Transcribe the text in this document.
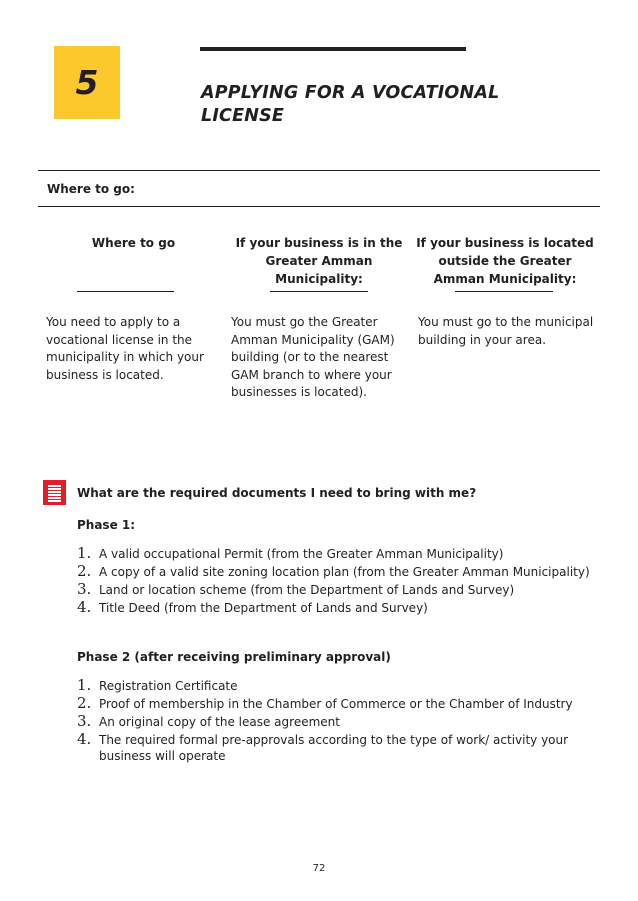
5	APPLYING FOR A VOCATIONAL LICENSE
Where to go:
Where to go
You need to apply to a vocational license in the municipality in which your business is located.
If your business is in the Greater Amman Municipality:
You must go the Greater Amman Municipality (GAM) building (or to the nearest GAM branch to where your businesses is located).
If your business is located outside the Greater Amman Municipality:
You must go to the municipal building in your area.
What are the required documents I need to bring with me?
Phase 1:
1. A valid occupational Permit (from the Greater Amman Municipality)
2. A copy of a valid site zoning location plan (from the Greater Amman Municipality)
3. Land or location scheme (from the Department of Lands and Survey)
4. Title Deed (from the Department of Lands and Survey)
Phase 2 (after receiving preliminary approval)
1. Registration Certificate
2. Proof of membership in the Chamber of Commerce or the Chamber of Industry
3. An original copy of the lease agreement
4. The required formal pre-approvals according to the type of work/ activity your business will operate
72
